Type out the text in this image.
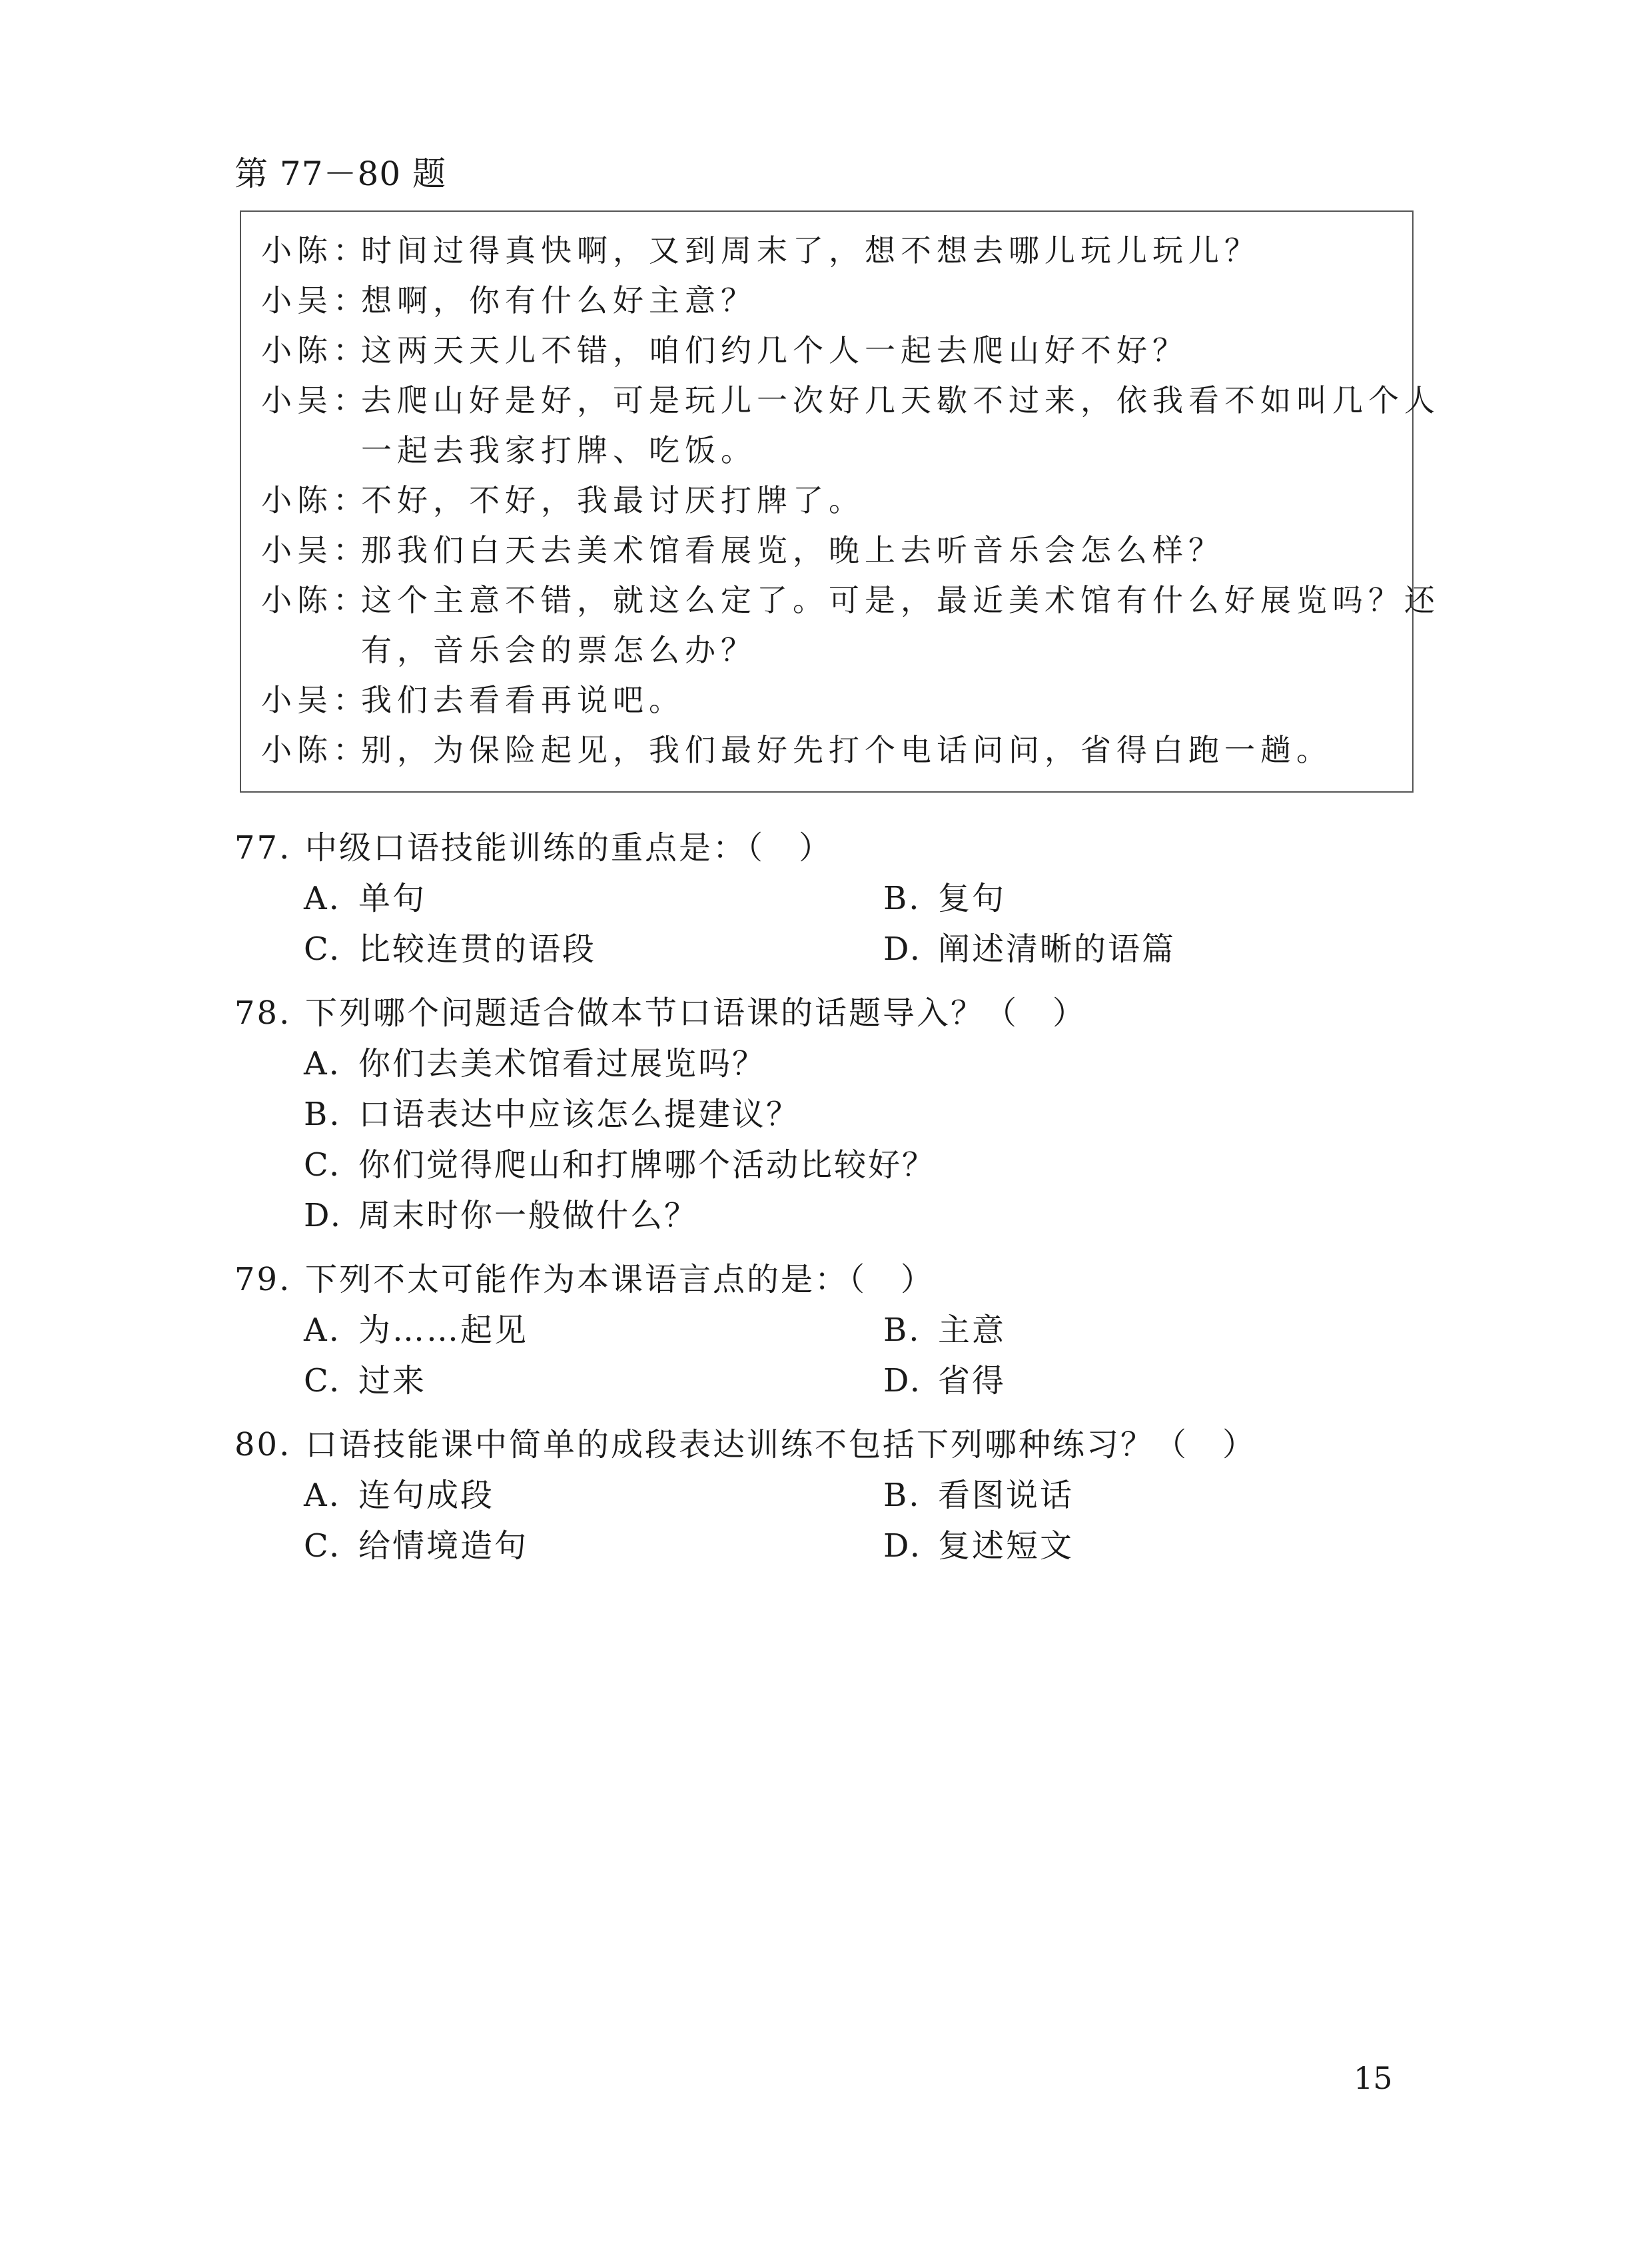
第 77－80 题
小陈：时间过得真快啊，又到周末了，想不想去哪儿玩儿玩儿？
小吴：想啊，你有什么好主意？
小陈：这两天天儿不错，咱们约几个人一起去爬山好不好？
小吴：去爬山好是好，可是玩儿一次好几天歇不过来，依我看不如叫几个人
一起去我家打牌、吃饭。
小陈：不好，不好，我最讨厌打牌了。
小吴：那我们白天去美术馆看展览，晚上去听音乐会怎么样？
小陈：这个主意不错，就这么定了。可是，最近美术馆有什么好展览吗？还
有，音乐会的票怎么办？
小吴：我们去看看再说吧。
小陈：别，为保险起见，我们最好先打个电话问问，省得白跑一趟。
77. 中级口语技能训练的重点是：（　）
A. 单句	B. 复句
C. 比较连贯的语段	D. 阐述清晰的语篇
78. 下列哪个问题适合做本节口语课的话题导入？（　）
A. 你们去美术馆看过展览吗？
B. 口语表达中应该怎么提建议？
C. 你们觉得爬山和打牌哪个活动比较好？
D. 周末时你一般做什么？
79. 下列不太可能作为本课语言点的是：（　）
A. 为……起见	B. 主意
C. 过来	D. 省得
80. 口语技能课中简单的成段表达训练不包括下列哪种练习？（　）
A. 连句成段	B. 看图说话
C. 给情境造句	D. 复述短文
15
